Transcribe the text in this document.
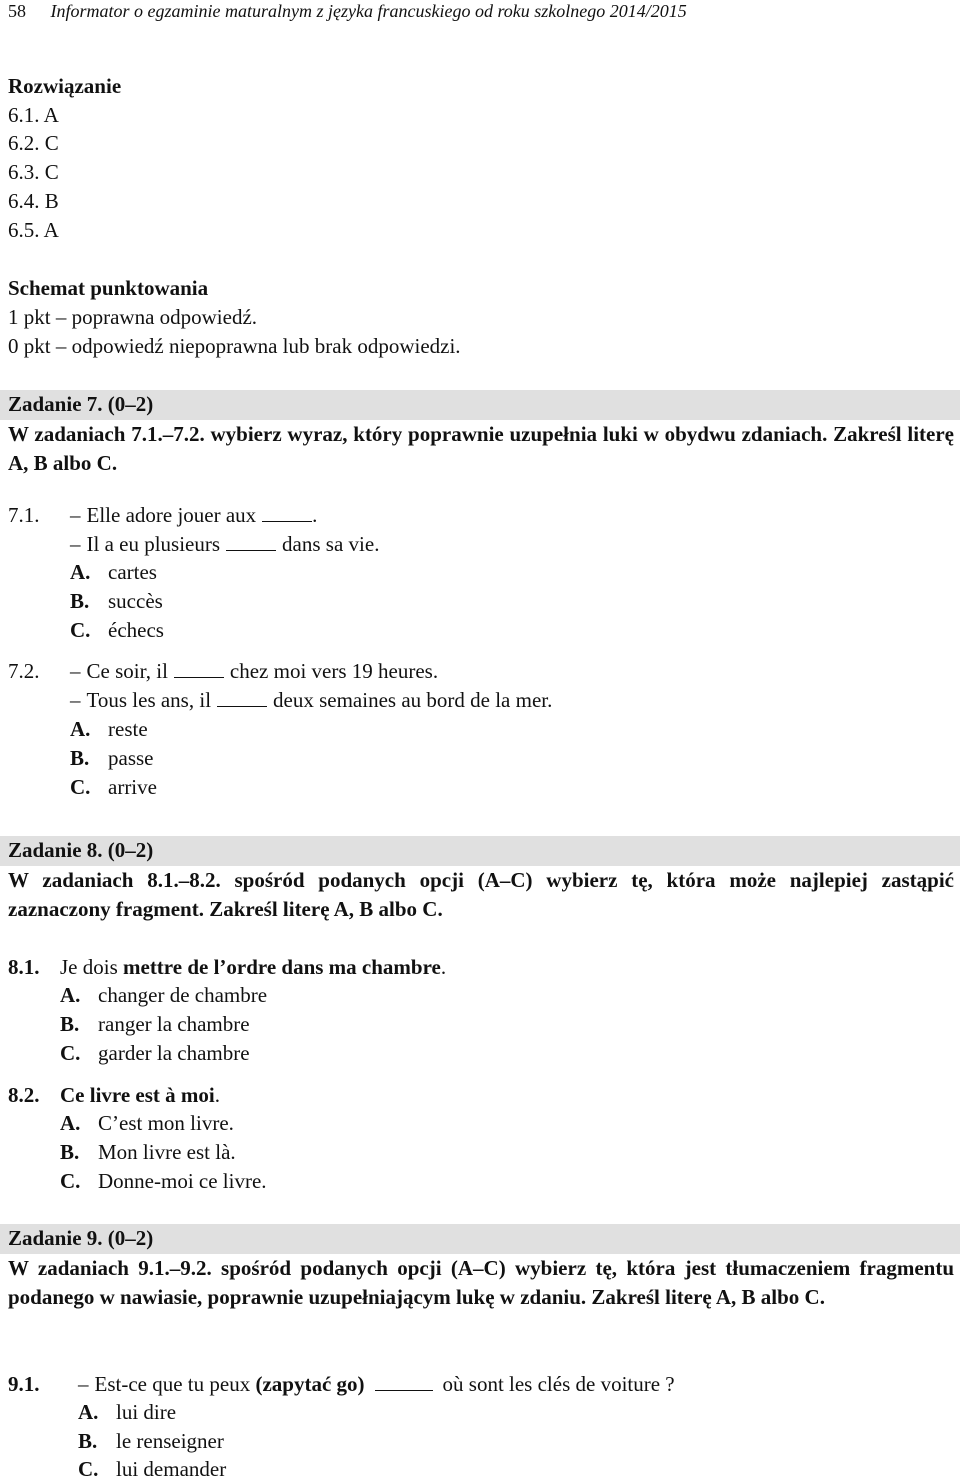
58 Informator o egzaminie maturalnym z języka francuskiego od roku szkolnego 2014/2015
Rozwiązanie
6.1. A
6.2. C
6.3. C
6.4. B
6.5. A
Schemat punktowania
1 pkt – poprawna odpowiedź.
0 pkt – odpowiedź niepoprawna lub brak odpowiedzi.
Zadanie 7. (0–2)
W zadaniach 7.1.–7.2. wybierz wyraz, który poprawnie uzupełnia luki w obydwu zdaniach. Zakreśl literę A, B albo C.
7.1. – Elle adore jouer aux	.
– Il a eu plusieurs	dans sa vie.
A. cartes
B. succès
C. échecs
7.2. – Ce soir, il	chez moi vers 19 heures.
– Tous les ans, il	deux semaines au bord de la mer.
A. reste
B. passe
C. arrive
Zadanie 8. (0–2)
W zadaniach 8.1.–8.2. spośród podanych opcji (A–C) wybierz tę, która może najlepiej zastąpić zaznaczony fragment. Zakreśl literę A, B albo C.
8.1. Je dois mettre de l’ordre dans ma chambre.
A. changer de chambre
B. ranger la chambre
C. garder la chambre
8.2. Ce livre est à moi.
A. C’est mon livre.
B. Mon livre est là.
C. Donne-moi ce livre.
Zadanie 9. (0–2)
W zadaniach 9.1.–9.2. spośród podanych opcji (A–C) wybierz tę, która jest tłumaczeniem fragmentu podanego w nawiasie, poprawnie uzupełniającym lukę w zdaniu. Zakreśl literę A, B albo C.
9.1. – Est-ce que tu peux (zapytać go)	où sont les clés de voiture ?
A. lui dire
B. le renseigner
C. lui demander
